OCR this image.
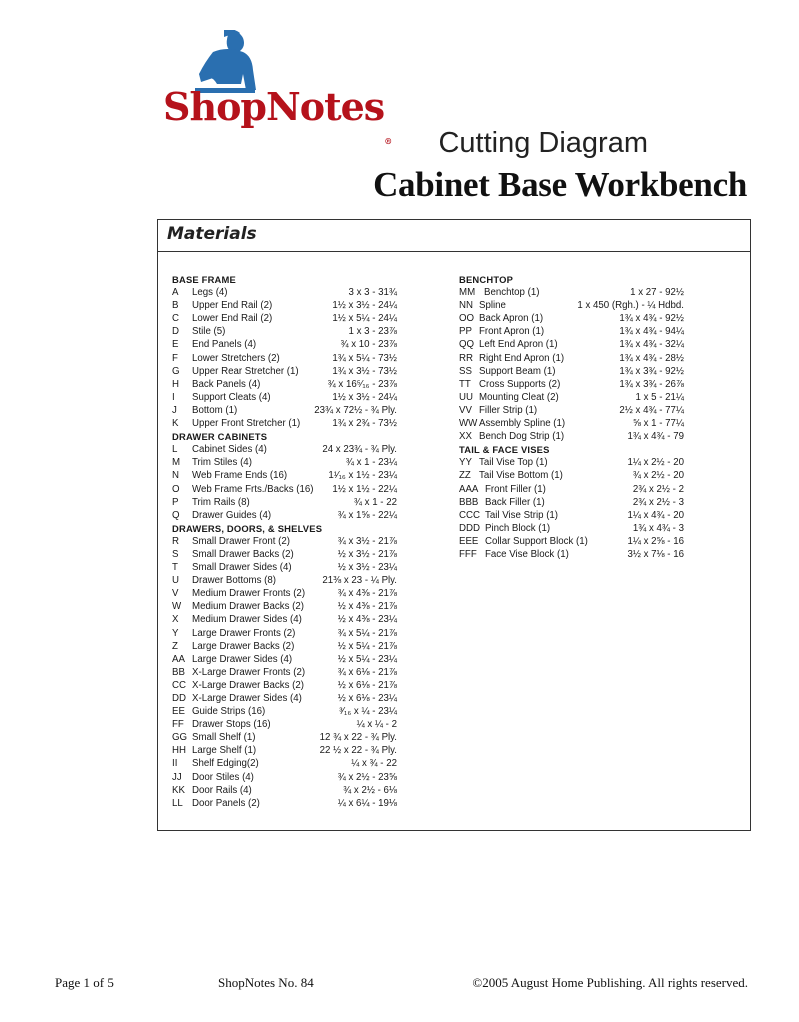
ShopNotes®	Cutting Diagram
Cabinet Base Workbench
Materials
BASE FRAME
A Legs (4)	3 x 3 - 31¾
B Upper End Rail (2)	1½ x 3½ - 24¼
C Lower End Rail (2)	1½ x 5¼ - 24¼
D Stile (5)	1 x 3 - 23⅞
E End Panels (4)	¾ x 10 - 23⅞
F Lower Stretchers (2)	1¾ x 5¼ - 73½
G Upper Rear Stretcher (1)	1¾ x 3½ - 73½
H Back Panels (4)	¾ x 16⁵⁄₁₆ - 23⅞
I Support Cleats (4)	1½ x 3½ - 24¼
J Bottom (1)	23¾ x 72½ - ¾ Ply.
K Upper Front Stretcher (1)	1¾ x 2¾ - 73½
DRAWER CABINETS
L Cabinet Sides (4)	24 x 23¾ - ¾ Ply.
M Trim Stiles (4)	¾ x 1 - 23¼
N Web Frame Ends (16)	1¹⁄₁₆ x 1½ - 23¼
O Web Frame Frts./Backs (16) 1½ x 1½ - 22¼
P Trim Rails (8)	¾ x 1 - 22
Q Drawer Guides (4)	¾ x 1⅝ - 22¼
DRAWERS, DOORS, & SHELVES
R Small Drawer Front (2)	¾ x 3½ - 21⅞
S Small Drawer Backs (2)	½ x 3½ - 21⅞
T Small Drawer Sides (4)	½ x 3½ - 23¼
U Drawer Bottoms (8)	21⅜ x 23 - ¼ Ply.
V Medium Drawer Fronts (2)	¾ x 4⅜ - 21⅞
W Medium Drawer Backs (2)	½ x 4⅜ - 21⅞
X Medium Drawer Sides (4)	½ x 4⅜ - 23¼
Y Large Drawer Fronts (2)	¾ x 5¼ - 21⅞
Z Large Drawer Backs (2)	½ x 5¼ - 21⅞
AA Large Drawer Sides (4)	½ x 5¼ - 23¼
BB X-Large Drawer Fronts (2)	¾ x 6⅛ - 21⅞
CC X-Large Drawer Backs (2)	½ x 6⅛ - 21⅞
DD X-Large Drawer Sides (4)	½ x 6⅛ - 23¼
EE Guide Strips (16)	³⁄₁₆ x ¼ - 23¼
FF Drawer Stops (16)	¼ x ¼ - 2
GG Small Shelf (1)	12 ¾ x 22 - ¾ Ply.
HH Large Shelf (1)	22 ½ x 22 - ¾ Ply.
II Shelf Edging(2)	¼ x ¾ - 22
JJ Door Stiles (4)	¾ x 2½ - 23⅝
KK Door Rails (4)	¾ x 2½ - 6⅛
LL Door Panels (2)	¼ x 6¼ - 19⅛
BENCHTOP
MM Benchtop (1)	1 x 27 - 92½
NN Spline	1 x 450 (Rgh.) - ¼ Hdbd.
OO Back Apron (1)	1¾ x 4¾ - 92½
PP Front Apron (1)	1¾ x 4¾ - 94¼
QQ Left End Apron (1)	1¾ x 4¾ - 32¼
RR Right End Apron (1)	1¾ x 4¾ - 28½
SS Support Beam (1)	1¾ x 3¾ - 92½
TT Cross Supports (2)	1¾ x 3¾ - 26⅞
UU Mounting Cleat (2)	1 x 5 - 21¼
VV Filler Strip (1)	2½ x 4¾ - 77¼
WW Assembly Spline (1)	⅝ x 1 - 77¼
XX Bench Dog Strip (1)	1¾ x 4¾ - 79
TAIL & FACE VISES
YY Tail Vise Top (1)	1¼ x 2½ - 20
ZZ Tail Vise Bottom (1)	¾ x 2½ - 20
AAA Front Filler (1)	2¾ x 2½ - 2
BBB Back Filler (1)	2¾ x 2½ - 3
CCC Tail Vise Strip (1)	1¼ x 4¾ - 20
DDD Pinch Block (1)	1¾ x 4¾ - 3
EEE Collar Support Block (1)	1¼ x 2⅝ - 16
FFF Face Vise Block (1)	3½ x 7⅛ - 16
Page 1 of 5	ShopNotes No. 84	©2005 August Home Publishing. All rights reserved.
